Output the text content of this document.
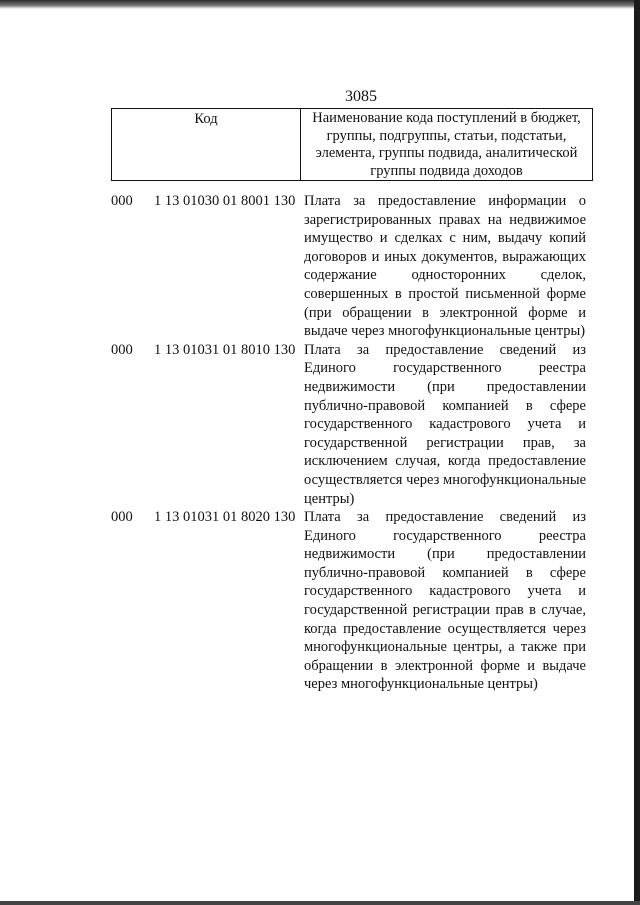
3085
Код	Наименование кода поступлений в бюджет, группы, подгруппы, статьи, подстатьи, элемента, группы подвида, аналитической группы подвида доходов
000	1 13 01030 01 8001 130 Плата за предоставление информации о зарегистрированных правах на недвижимое имущество и сделках с ним, выдачу копий договоров и иных документов, выражающих содержание односторонних сделок, совершенных в простой письменной форме (при обращении в электронной форме и выдаче через многофункциональные центры)
000	1 13 01031 01 8010 130 Плата за предоставление сведений из Единого государственного реестра недвижимости (при предоставлении публично-правовой компанией в сфере государственного кадастрового учета и государственной регистрации прав, за исключением случая, когда предоставление осуществляется через многофункциональные центры)
000	1 13 01031 01 8020 130 Плата за предоставление сведений из Единого государственного реестра недвижимости (при предоставлении публично-правовой компанией в сфере государственного кадастрового учета и государственной регистрации прав в случае, когда предоставление осуществляется через многофункциональные центры, а также при обращении в электронной форме и выдаче через многофункциональные центры)
